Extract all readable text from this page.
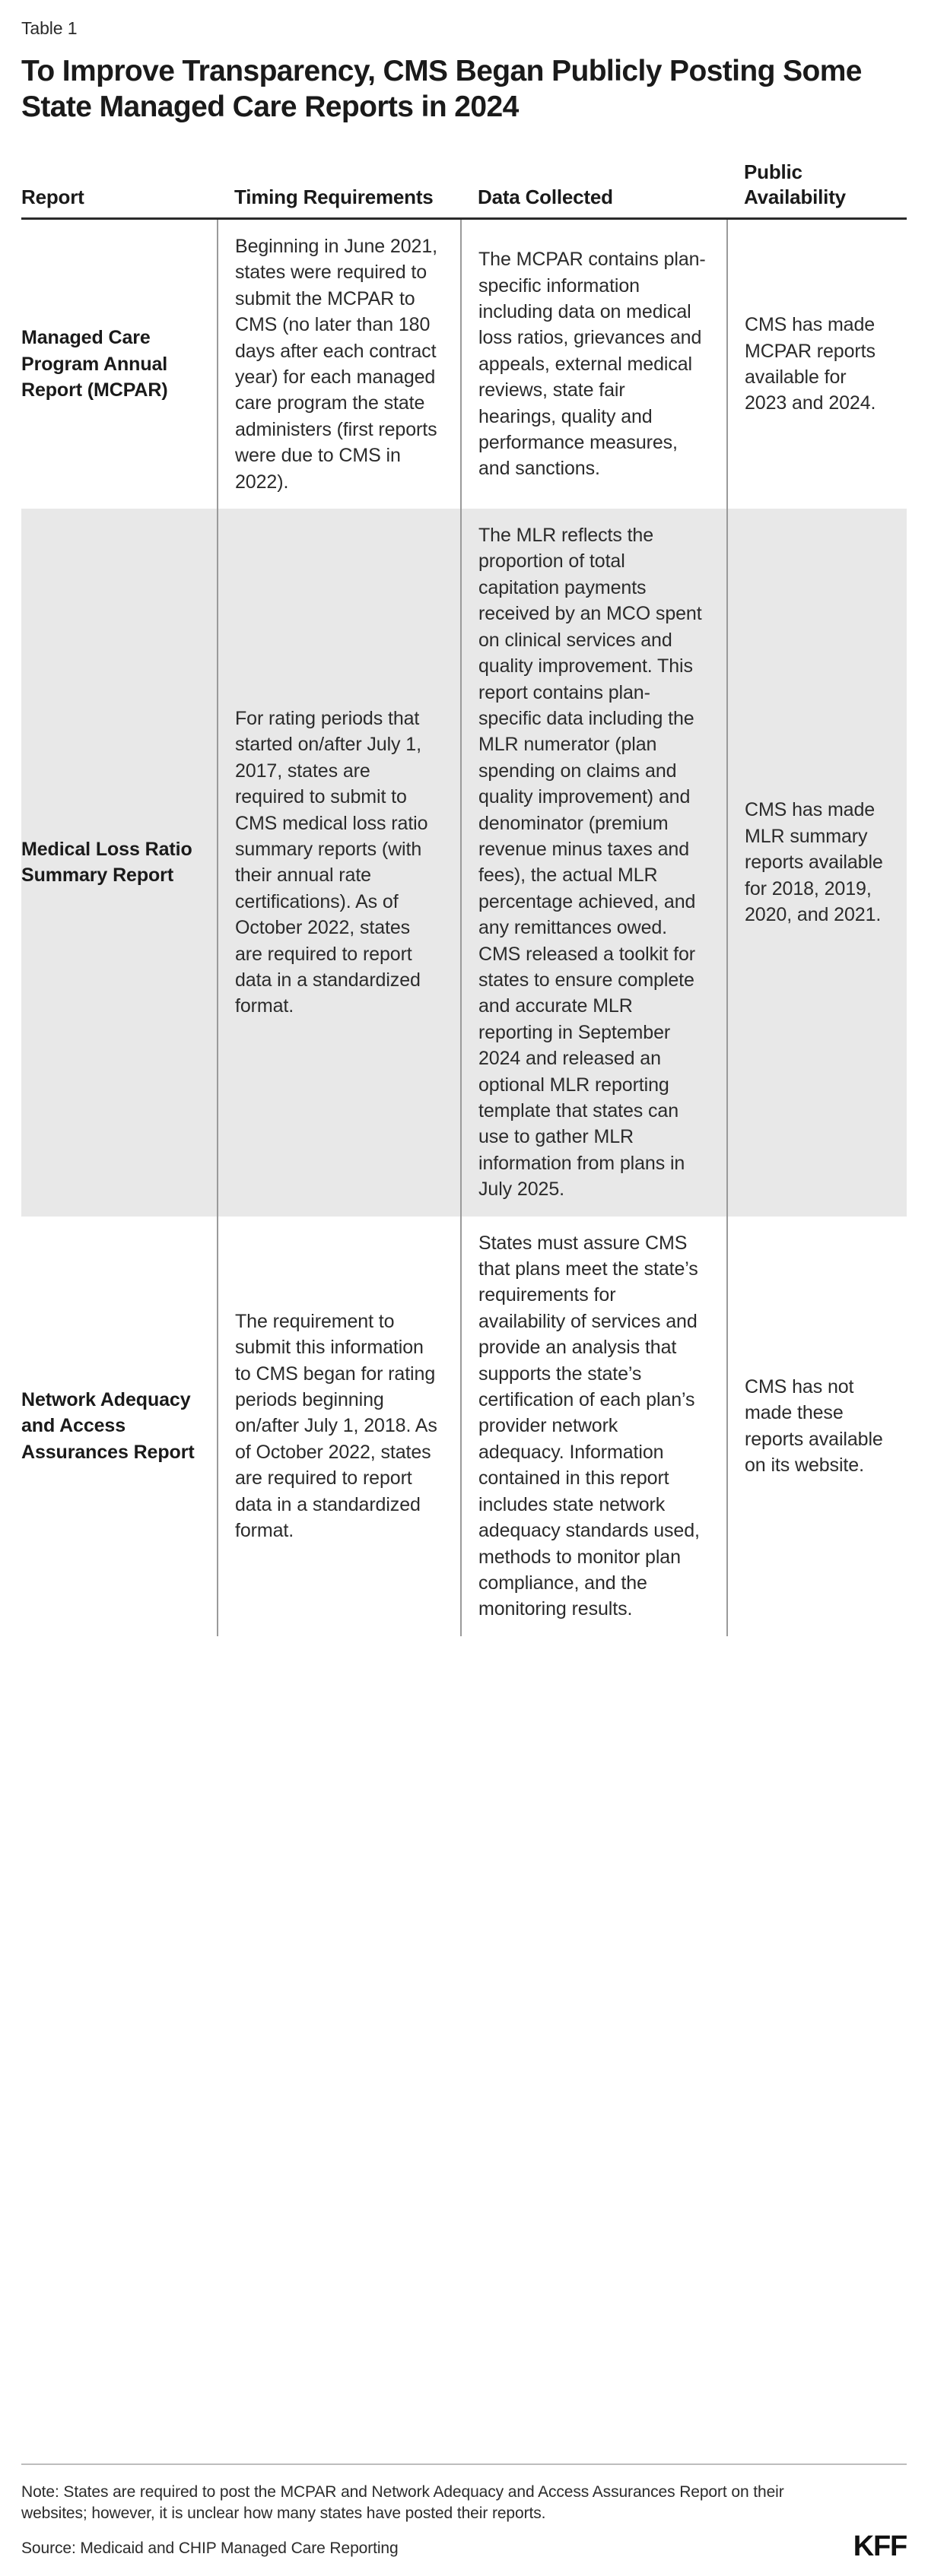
Table 1
To Improve Transparency, CMS Began Publicly Posting Some State Managed Care Reports in 2024
Report	Timing Requirements	Data Collected	Public Availability
Managed Care Program Annual Report (MCPAR)	Beginning in June 2021, states were required to submit the MCPAR to CMS (no later than 180 days after each contract year) for each managed care program the state administers (first reports were due to CMS in 2022).	The MCPAR contains plan-specific information including data on medical loss ratios, grievances and appeals, external medical reviews, state fair hearings, quality and performance measures, and sanctions.	CMS has made MCPAR reports available for 2023 and 2024.
Medical Loss Ratio Summary Report	For rating periods that started on/after July 1, 2017, states are required to submit to CMS medical loss ratio summary reports (with their annual rate certifications). As of October 2022, states are required to report data in a standardized format.	The MLR reflects the proportion of total capitation payments received by an MCO spent on clinical services and quality improvement. This report contains plan-specific data including the MLR numerator (plan spending on claims and quality improvement) and denominator (premium revenue minus taxes and fees), the actual MLR percentage achieved, and any remittances owed. CMS released a toolkit for states to ensure complete and accurate MLR reporting in September 2024 and released an optional MLR reporting template that states can use to gather MLR information from plans in July 2025.	CMS has made MLR summary reports available for 2018, 2019, 2020, and 2021.
Network Adequacy and Access Assurances Report	The requirement to submit this information to CMS began for rating periods beginning on/after July 1, 2018. As of October 2022, states are required to report data in a standardized format.	States must assure CMS that plans meet the state’s requirements for availability of services and provide an analysis that supports the state’s certification of each plan’s provider network adequacy. Information contained in this report includes state network adequacy standards used, methods to monitor plan compliance, and the monitoring results.	CMS has not made these reports available on its website.
Note: States are required to post the MCPAR and Network Adequacy and Access Assurances Report on their websites; however, it is unclear how many states have posted their reports.
Source: Medicaid and CHIP Managed Care Reporting	KFF
